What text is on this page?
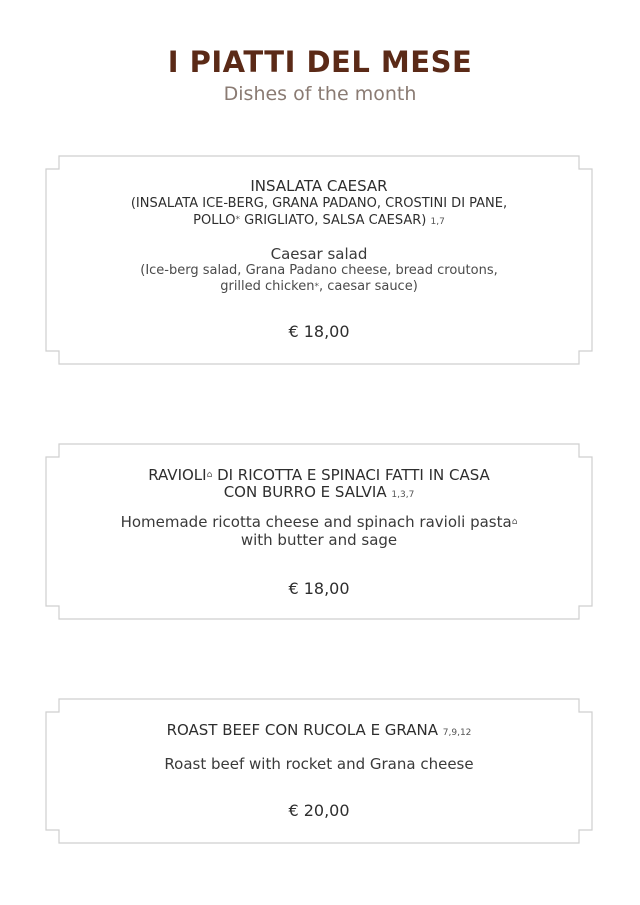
I PIATTI DEL MESE
Dishes of the month
INSALATA CAESAR
(INSALATA ICE-BERG, GRANA PADANO, CROSTINI DI PANE,
POLLO* GRIGLIATO, SALSA CAESAR) 1,7
Caesar salad
(Ice-berg salad, Grana Padano cheese, bread croutons,
grilled chicken*, caesar sauce)
€ 18,00
RAVIOLI⌂ DI RICOTTA E SPINACI FATTI IN CASA
CON BURRO E SALVIA 1,3,7
Homemade ricotta cheese and spinach ravioli pasta⌂
with butter and sage
€ 18,00
ROAST BEEF CON RUCOLA E GRANA 7,9,12
Roast beef with rocket and Grana cheese
€ 20,00
